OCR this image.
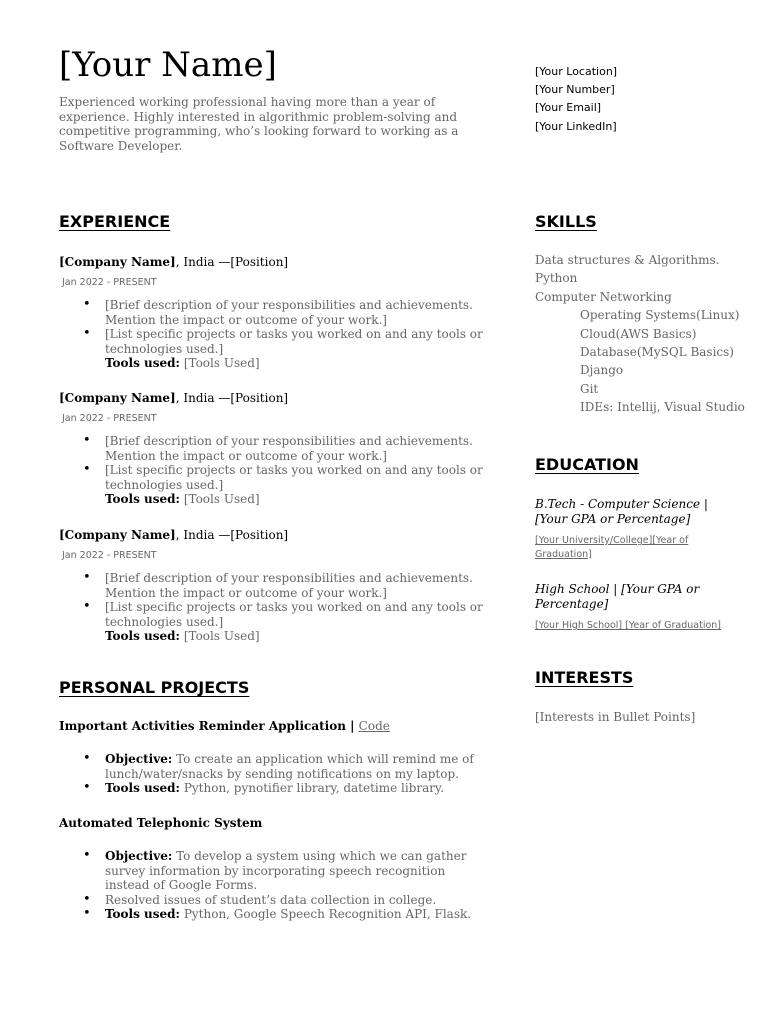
[Your Name]
Experienced working professional having more than a year of experience. Highly interested in algorithmic problem-solving and competitive programming, who’s looking forward to working as a Software Developer.
[Your Location]
[Your Number]
[Your Email]
[Your LinkedIn]
EXPERIENCE
[Company Name], India —[Position]
Jan 2022 - PRESENT
• [Brief description of your responsibilities and achievements. Mention the impact or outcome of your work.]
• [List specific projects or tasks you worked on and any tools or technologies used.]
Tools used: [Tools Used]
[Company Name], India —[Position]
Jan 2022 - PRESENT
• [Brief description of your responsibilities and achievements. Mention the impact or outcome of your work.]
• [List specific projects or tasks you worked on and any tools or technologies used.]
Tools used: [Tools Used]
[Company Name], India —[Position]
Jan 2022 - PRESENT
• [Brief description of your responsibilities and achievements. Mention the impact or outcome of your work.]
• [List specific projects or tasks you worked on and any tools or technologies used.]
Tools used: [Tools Used]
PERSONAL PROJECTS
Important Activities Reminder Application | Code
• Objective: To create an application which will remind me of lunch/water/snacks by sending notifications on my laptop.
• Tools used: Python, pynotifier library, datetime library.
Automated Telephonic System
• Objective: To develop a system using which we can gather survey information by incorporating speech recognition instead of Google Forms.
• Resolved issues of student’s data collection in college.
• Tools used: Python, Google Speech Recognition API, Flask.
SKILLS
Data structures & Algorithms.
Python
Computer Networking
Operating Systems(Linux)
Cloud(AWS Basics)
Database(MySQL Basics)
Django
Git
IDEs: Intellij, Visual Studio
EDUCATION
B.Tech - Computer Science | [Your GPA or Percentage]
[Your University/College][Year of Graduation]
High School | [Your GPA or Percentage]
[Your High School] [Year of Graduation]
INTERESTS
[Interests in Bullet Points]
